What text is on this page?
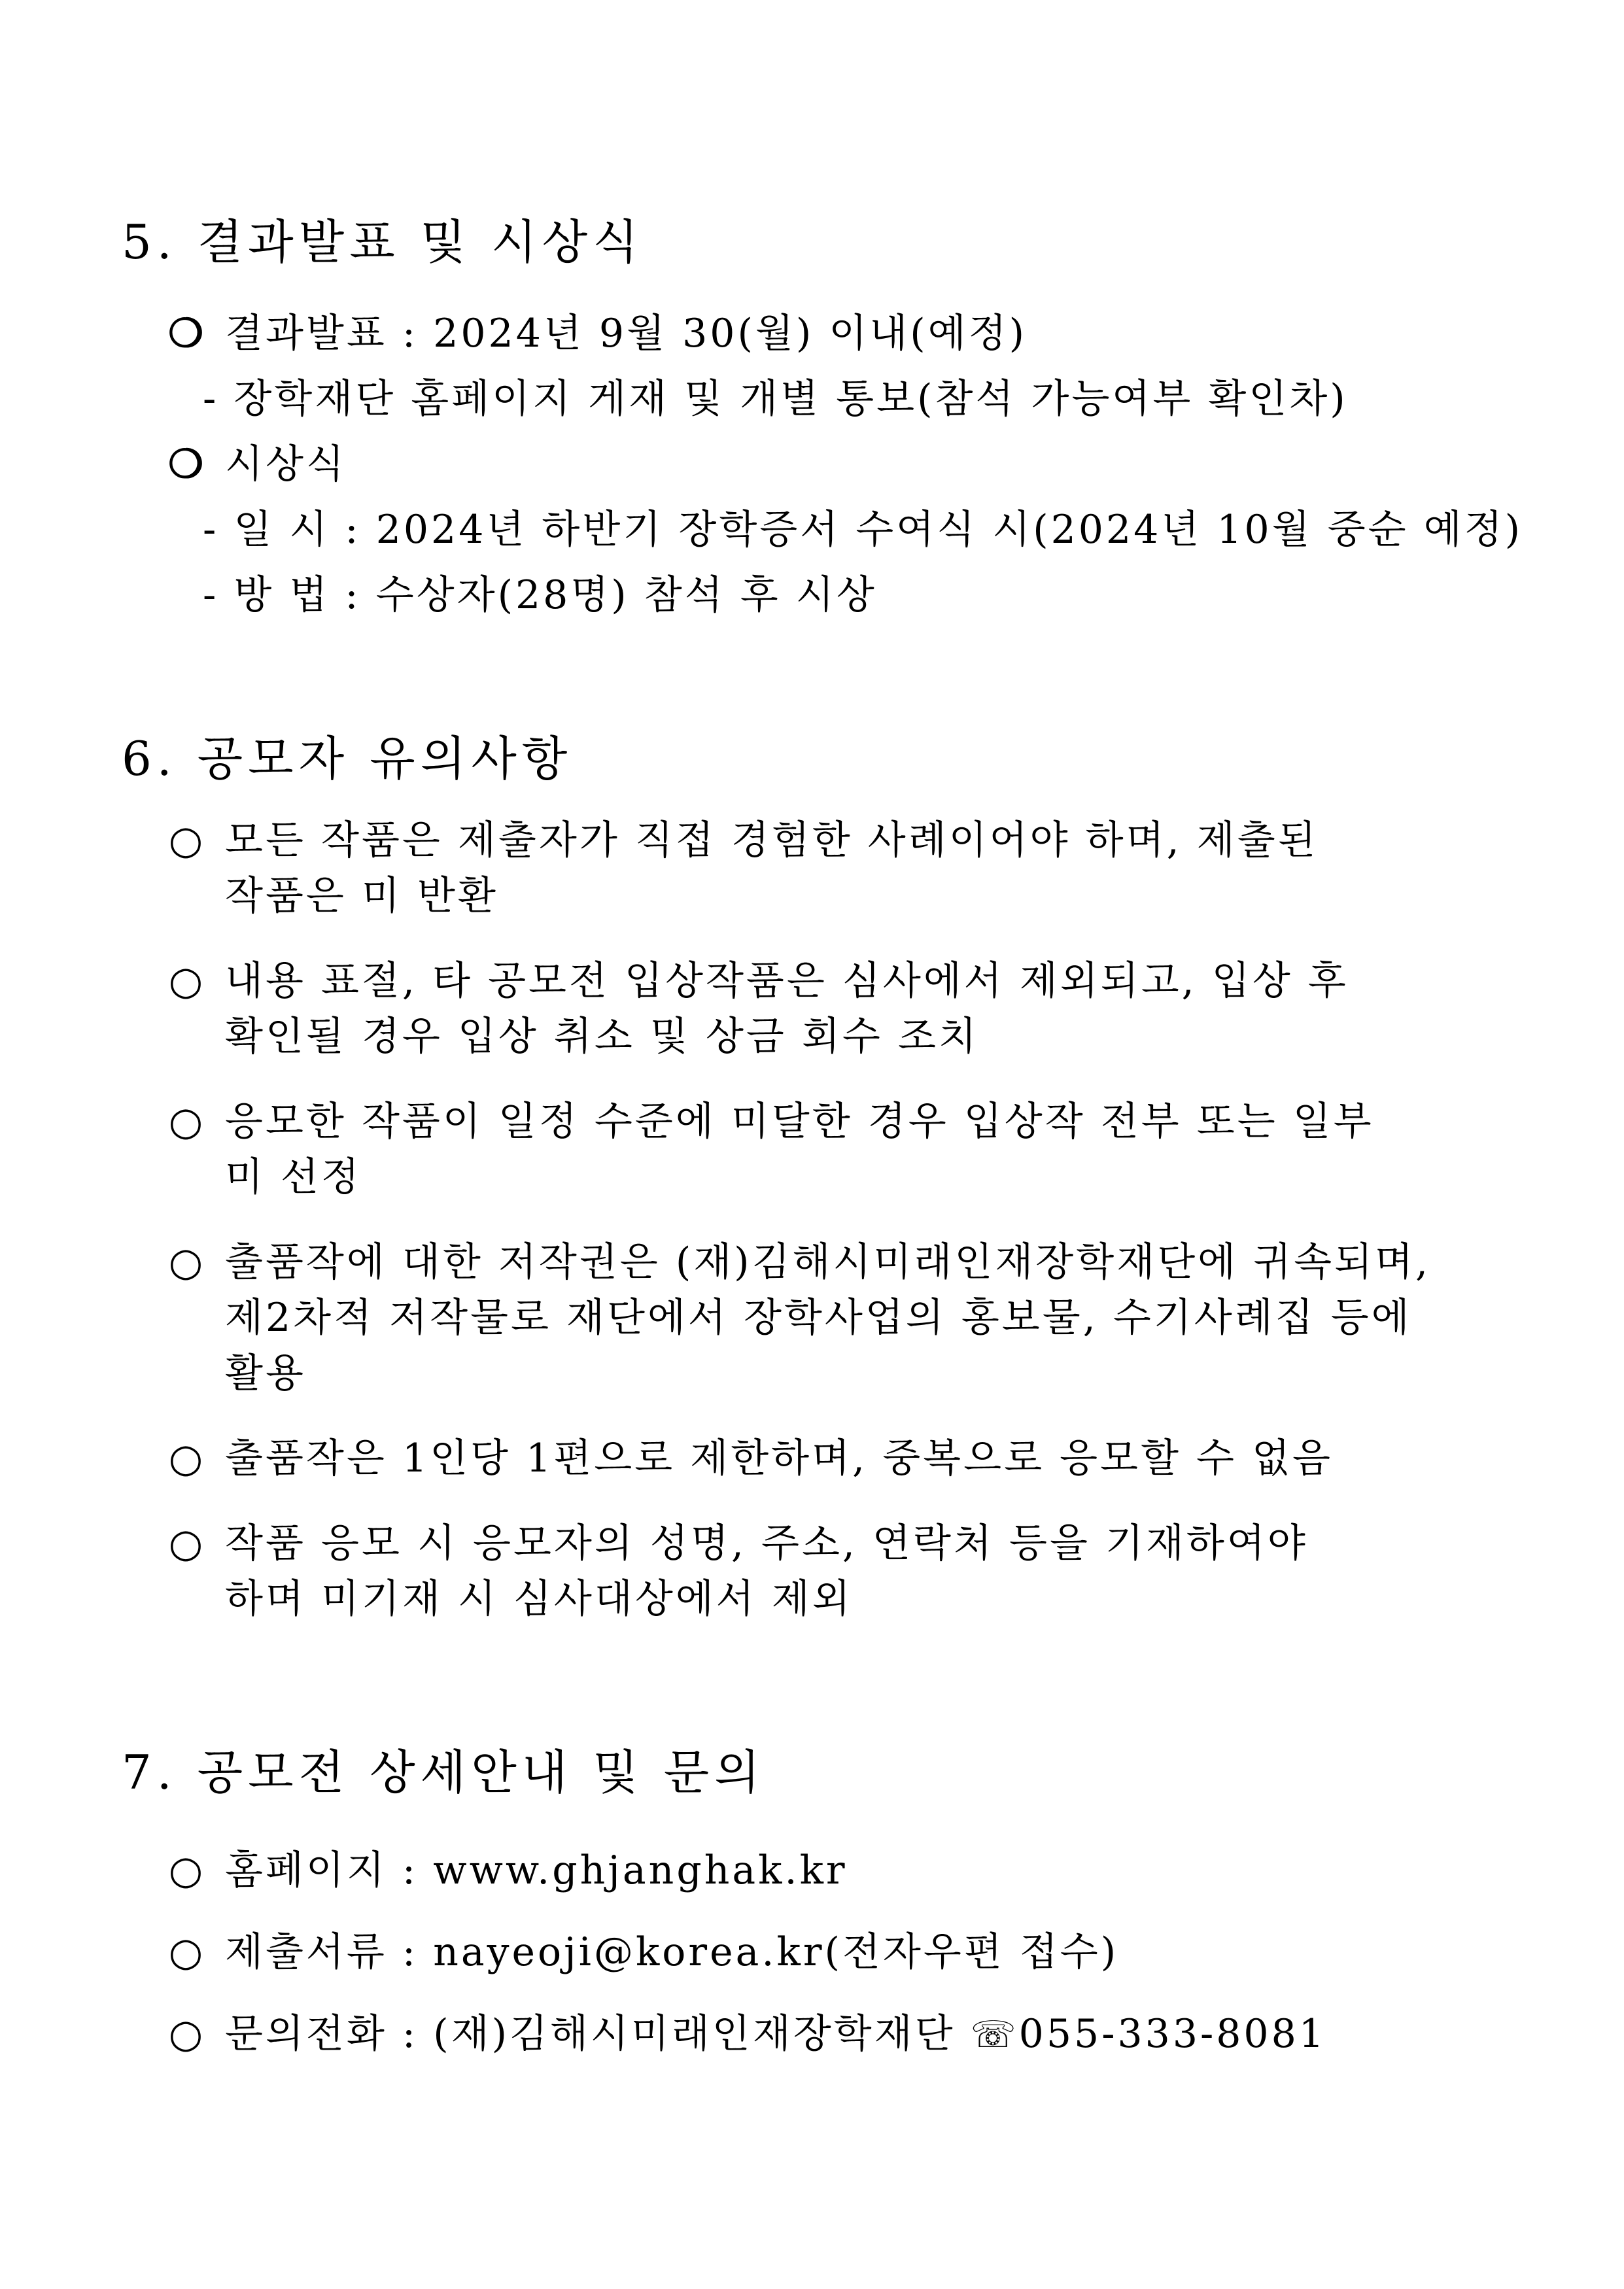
5. 결과발표 및 시상식
❍ 결과발표 : 2024년 9월 30(월) 이내(예정)
- 장학재단 홈페이지 게재 및 개별 통보(참석 가능여부 확인차)
❍ 시상식
- 일 시 : 2024년 하반기 장학증서 수여식 시(2024년 10월 중순 예정)
- 방 법 : 수상자(28명) 참석 후 시상
6. 공모자 유의사항
○ 모든 작품은 제출자가 직접 경험한 사례이어야 하며, 제출된
작품은 미 반환
○ 내용 표절, 타 공모전 입상작품은 심사에서 제외되고, 입상 후
확인될 경우 입상 취소 및 상금 회수 조치
○ 응모한 작품이 일정 수준에 미달한 경우 입상작 전부 또는 일부
미 선정
○ 출품작에 대한 저작권은 (재)김해시미래인재장학재단에 귀속되며,
제2차적 저작물로 재단에서 장학사업의 홍보물, 수기사례집 등에
활용
○ 출품작은 1인당 1편으로 제한하며, 중복으로 응모할 수 없음
○ 작품 응모 시 응모자의 성명, 주소, 연락처 등을 기재하여야
하며 미기재 시 심사대상에서 제외
7. 공모전 상세안내 및 문의
○ 홈페이지 : www.ghjanghak.kr
○ 제출서류 : nayeoji@korea.kr(전자우편 접수)
○ 문의전화 : (재)김해시미래인재장학재단 ☏055-333-8081
